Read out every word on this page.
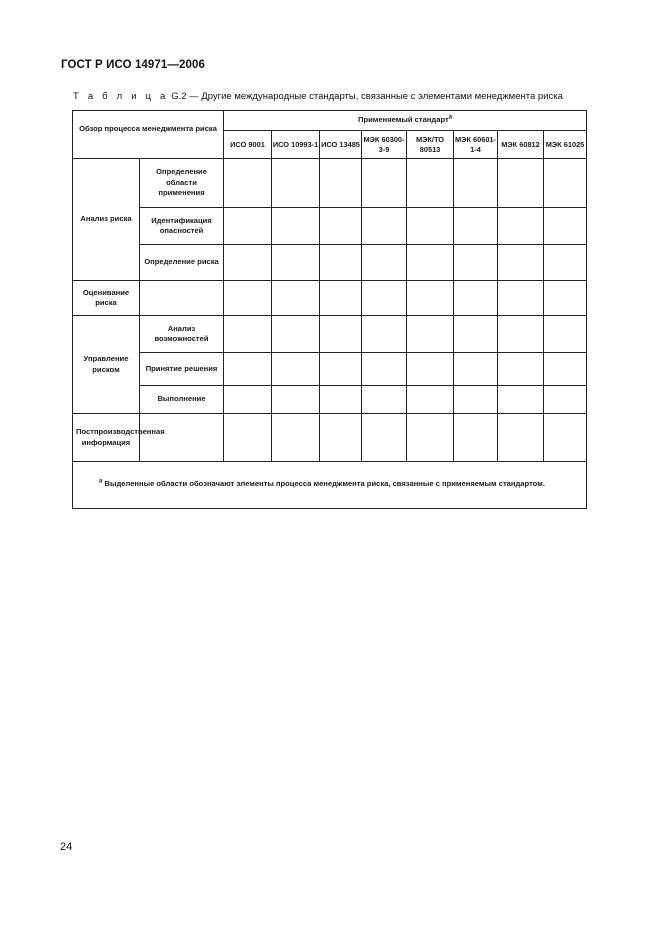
ГОСТ Р ИСО 14971—2006
Т а б л и ц а G.2 — Другие международные стандарты, связанные с элементами менеджмента риска
Обзор процесса менеджмента риска		Применяемый стандарт$^a$
		ИСО 9001	ИСО 10993-1	ИСО 13485	МЭК 60300-3-9	МЭК/ТО 80513	МЭК 60601-1-4	МЭК 60812	МЭК 61025
Анализ риска	Определение области применения								
	Идентификация опасностей								
	Определение риска								
Оценивание риска									
Управление риском	Анализ возможностей								
	Принятие решения								
	Выполнение								
Постпроизводственная информация									
$^a$ Выделенные области обозначают элементы процесса менеджмента риска, связанные с применяемым стандартом.									
24
